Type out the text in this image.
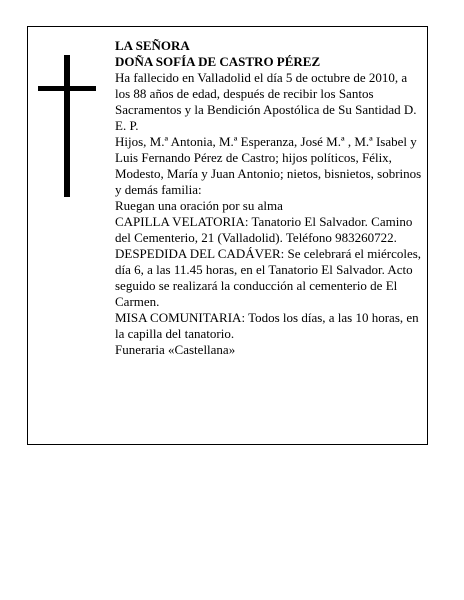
LA SEÑORA

DOÑA SOFÍA DE CASTRO PÉREZ

Ha fallecido en Valladolid el día 5 de octubre de 2010, a los 88 años de edad, después de recibir los Santos Sacramentos y la Bendición Apostólica de Su Santidad D. E. P.

Hijos, M.ª Antonia, M.ª Esperanza, José M.ª , M.ª Isabel y Luis Fernando Pérez de Castro; hijos políticos, Félix, Modesto, María y Juan Antonio; nietos, bisnietos, sobrinos y demás familia:

Ruegan una oración por su alma

CAPILLA VELATORIA: Tanatorio El Salvador. Camino del Cementerio, 21 (Valladolid). Teléfono 983260722.

DESPEDIDA DEL CADÁVER: Se celebrará el miércoles, día 6, a las 11.45 horas, en el Tanatorio El Salvador. Acto seguido se realizará la conducción al cementerio de El Carmen.

MISA COMUNITARIA: Todos los días, a las 10 horas, en la capilla del tanatorio.

Funeraria «Castellana»
